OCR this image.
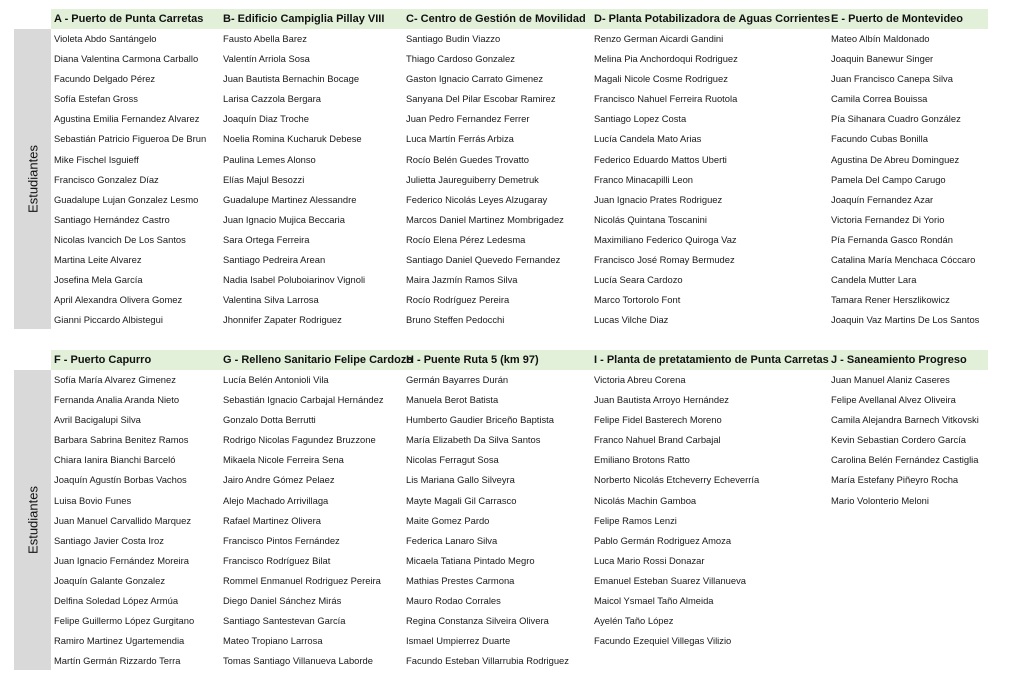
Estudiantes
A - Puerto de Punta Carretas
Violeta Abdo Santángelo
Diana Valentina Carmona Carballo
Facundo Delgado Pérez
Sofía Estefan Gross
Agustina Emilia Fernandez Alvarez
Sebastián Patricio Figueroa De Brun
Mike Fischel Isguieff
Francisco Gonzalez Díaz
Guadalupe Lujan Gonzalez Lesmo
Santiago Hernández Castro
Nicolas Ivancich De Los Santos
Martina Leite Alvarez
Josefina Mela García
April Alexandra Olivera Gomez
Gianni Piccardo Albistegui
B- Edificio Campiglia Pillay VIII
Fausto Abella Barez
Valentín Arriola Sosa
Juan Bautista Bernachin Bocage
Larisa Cazzola Bergara
Joaquín Diaz Troche
Noelia Romina Kucharuk Debese
Paulina Lemes Alonso
Elías Majul Besozzi
Guadalupe Martinez Alessandre
Juan Ignacio Mujica Beccaria
Sara Ortega Ferreira
Santiago Pedreira Arean
Nadia Isabel Poluboiarinov Vignoli
Valentina Silva Larrosa
Jhonnifer Zapater Rodriguez
C- Centro de Gestión de Movilidad
Santiago Budin Viazzo
Thiago Cardoso Gonzalez
Gaston Ignacio Carrato Gimenez
Sanyana Del Pilar Escobar Ramirez
Juan Pedro Fernandez Ferrer
Luca Martín Ferrás Arbiza
Rocío Belén Guedes Trovatto
Julietta Jaureguiberry Demetruk
Federico Nicolás Leyes Alzugaray
Marcos Daniel Martinez Mombrigadez
Rocío Elena Pérez Ledesma
Santiago Daniel Quevedo Fernandez
Maira Jazmín Ramos Silva
Rocío Rodríguez Pereira
Bruno Steffen Pedocchi
D- Planta Potabilizadora de Aguas Corrientes
Renzo German Aicardi Gandini
Melina Pia Anchordoqui Rodriguez
Magali Nicole Cosme Rodriguez
Francisco Nahuel Ferreira Ruotola
Santiago Lopez Costa
Lucía Candela Mato Arias
Federico Eduardo Mattos Uberti
Franco Minacapilli Leon
Juan Ignacio Prates Rodriguez
Nicolás Quintana Toscanini
Maximiliano Federico Quiroga Vaz
Francisco José Romay Bermudez
Lucía Seara Cardozo
Marco Tortorolo Font
Lucas Vilche Diaz
E - Puerto de Montevideo
Mateo Albín Maldonado
Joaquin Banewur Singer
Juan Francisco Canepa Silva
Camila Correa Bouissa
Pía Sihanara Cuadro González
Facundo Cubas Bonilla
Agustina De Abreu Dominguez
Pamela Del Campo Carugo
Joaquín Fernandez Azar
Victoria Fernandez Di Yorio
Pía Fernanda Gasco Rondán
Catalina María Menchaca Cóccaro
Candela Mutter Lara
Tamara Rener Herszlikowicz
Joaquin Vaz Martins De Los Santos
Estudiantes
F - Puerto Capurro
Sofía María Alvarez Gimenez
Fernanda Analia Aranda Nieto
Avril Bacigalupi Silva
Barbara Sabrina Benitez Ramos
Chiara Ianira Bianchi Barceló
Joaquín Agustín Borbas Vachos
Luisa Bovio Funes
Juan Manuel Carvallido Marquez
Santiago Javier Costa Iroz
Juan Ignacio Fernández Moreira
Joaquín Galante Gonzalez
Delfina Soledad López Armúa
Felipe Guillermo López Gurgitano
Ramiro Martinez Ugartemendia
Martín Germán Rizzardo Terra
G - Relleno Sanitario Felipe Cardozo
Lucía Belén Antonioli Vila
Sebastián Ignacio Carbajal Hernández
Gonzalo Dotta Berrutti
Rodrigo Nicolas Fagundez Bruzzone
Mikaela Nicole Ferreira Sena
Jairo Andre Gómez Pelaez
Alejo Machado Arrivillaga
Rafael Martinez Olivera
Francisco Pintos Fernández
Francisco Rodríguez Bilat
Rommel Enmanuel Rodriguez Pereira
Diego Daniel Sánchez Mirás
Santiago Santestevan García
Mateo Tropiano Larrosa
Tomas Santiago Villanueva Laborde
H - Puente Ruta 5 (km 97)
Germán Bayarres Durán
Manuela Berot Batista
Humberto Gaudier Briceño Baptista
María Elizabeth Da Silva Santos
Nicolas Ferragut Sosa
Lis Mariana Gallo Silveyra
Mayte Magali Gil Carrasco
Maite Gomez Pardo
Federica Lanaro Silva
Micaela Tatiana Pintado Megro
Mathias Prestes Carmona
Mauro Rodao Corrales
Regina Constanza Silveira Olivera
Ismael Umpierrez Duarte
Facundo Esteban Villarrubia Rodriguez
I - Planta de pretatamiento de Punta Carretas
Victoria Abreu Corena
Juan Bautista Arroyo Hernández
Felipe Fidel Basterech Moreno
Franco Nahuel Brand Carbajal
Emiliano Brotons Ratto
Norberto Nicolás Etcheverry Echeverría
Nicolás Machin Gamboa
Felipe Ramos Lenzi
Pablo Germán Rodriguez Amoza
Luca Mario Rossi Donazar
Emanuel Esteban Suarez Villanueva
Maicol Ysmael Taño Almeida
Ayelén Taño López
Facundo Ezequiel Villegas Vilizio
J - Saneamiento Progreso
Juan Manuel Alaniz Caseres
Felipe Avellanal Alvez Oliveira
Camila Alejandra Barnech Vitkovski
Kevin Sebastian Cordero García
Carolina Belén Fernández Castiglia
María Estefany Piñeyro Rocha
Mario Volonterio Meloni
